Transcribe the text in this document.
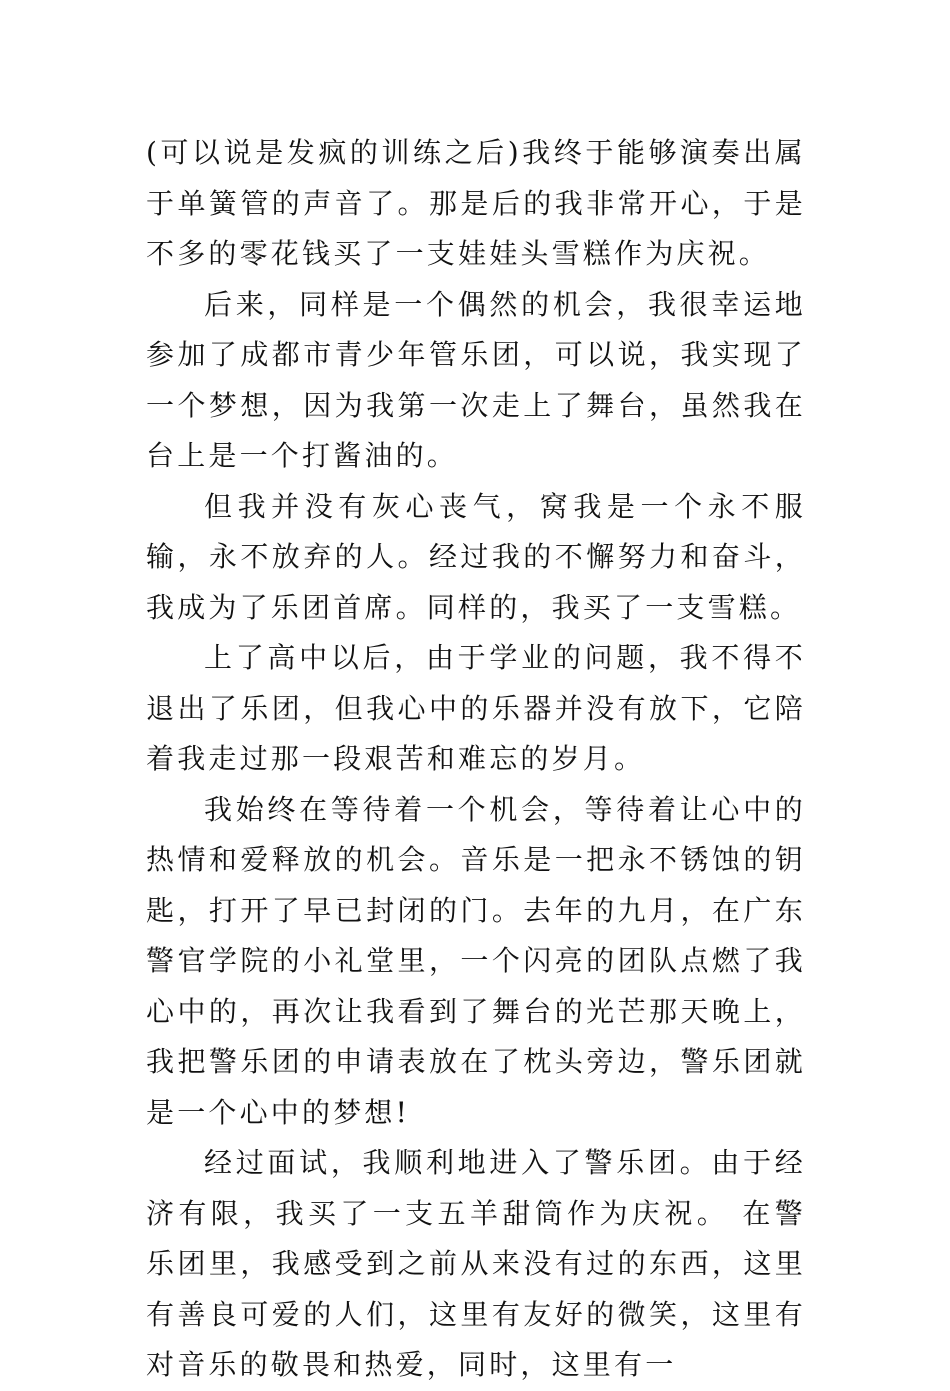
(可以说是发疯的训练之后)我终于能够演奏出属于单簧管的声音了。那是后的我非常开心，于是不多的零花钱买了一支娃娃头雪糕作为庆祝。

后来，同样是一个偶然的机会，我很幸运地参加了成都市青少年管乐团，可以说，我实现了一个梦想，因为我第一次走上了舞台，虽然我在台上是一个打酱油的。

但我并没有灰心丧气，窝我是一个永不服输，永不放弃的人。经过我的不懈努力和奋斗，我成为了乐团首席。同样的，我买了一支雪糕。

上了高中以后，由于学业的问题，我不得不退出了乐团，但我心中的乐器并没有放下，它陪着我走过那一段艰苦和难忘的岁月。

我始终在等待着一个机会，等待着让心中的热情和爱释放的机会。音乐是一把永不锈蚀的钥匙，打开了早已封闭的门。去年的九月，在广东警官学院的小礼堂里，一个闪亮的团队点燃了我心中的，再次让我看到了舞台的光芒那天晚上，我把警乐团的申请表放在了枕头旁边，警乐团就是一个心中的梦想!

经过面试，我顺利地进入了警乐团。由于经济有限，我买了一支五羊甜筒作为庆祝。 在警乐团里，我感受到之前从来没有过的东西，这里有善良可爱的人们，这里有友好的微笑，这里有对音乐的敬畏和热爱，同时，这里有一
